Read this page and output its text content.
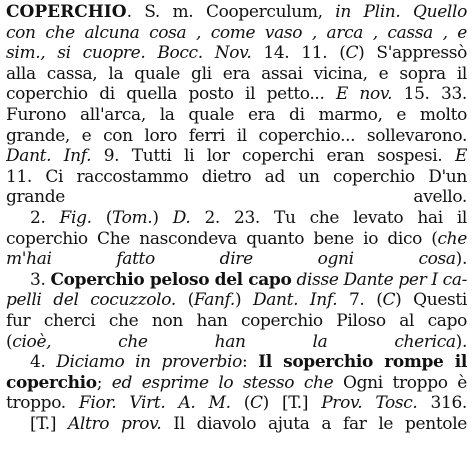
COPERCHIO. S. m. Cooperculum, in Plin. Quello
con che alcuna cosa , come vaso , arca , cassa , e
sim., si cuopre. Bocc. Nov. 14. 11. (C) S'appressò
alla cassa, la quale gli era assai vicina, e sopra il
coperchio di quella posto il petto... E nov. 15. 33.
Furono all'arca, la quale era di marmo, e molto
grande, e con loro ferri il coperchio... sollevarono.
Dant. Inf. 9. Tutti li lor coperchi eran sospesi. E
11. Ci raccostammo dietro ad un coperchio D'un
grande avello.
2. Fig. (Tom.) D. 2. 23. Tu che levato hai il
coperchio Che nascondeva quanto bene io dico (che
m'hai fatto dire ogni cosa).
3. Coperchio peloso del capo disse Dante per I ca-
pelli del cocuzzolo. (Fanf.) Dant. Inf. 7. (C) Questi
fur cherci che non han coperchio Piloso al capo
(cioè, che han la cherica).
4. Diciamo in proverbio: Il soperchio rompe il
coperchio; ed esprime lo stesso che Ogni troppo è
troppo. Fior. Virt. A. M. (C) [T.] Prov. Tosc. 316.
[T.] Altro prov. Il diavolo ajuta a far le pentole
